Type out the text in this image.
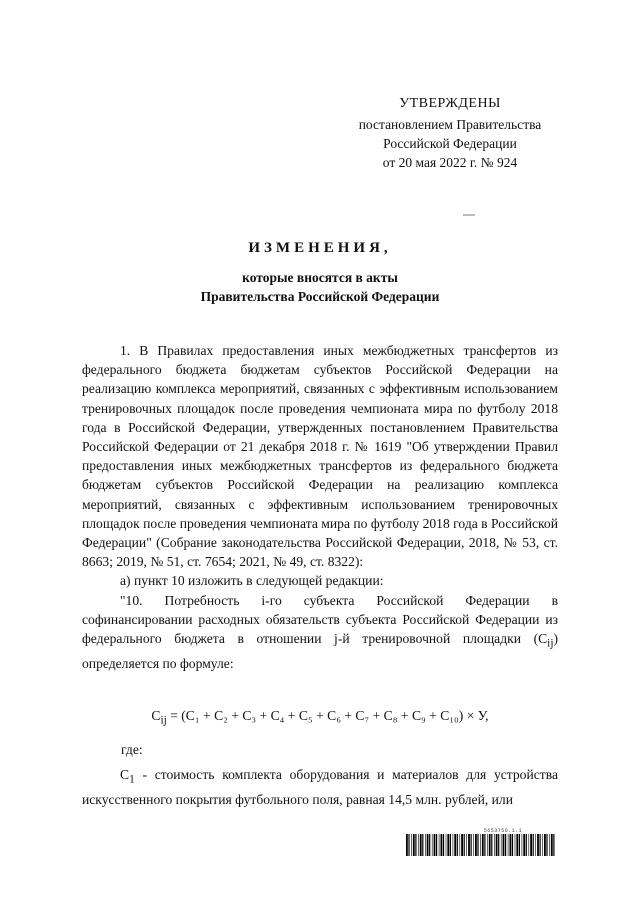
УТВЕРЖДЕНЫ
постановлением Правительства
Российской Федерации
от 20 мая 2022 г. № 924
ИЗМЕНЕНИЯ,
которые вносятся в акты
Правительства Российской Федерации

1. В Правилах предоставления иных межбюджетных трансфертов из федерального бюджета бюджетам субъектов Российской Федерации на реализацию комплекса мероприятий, связанных с эффективным использованием тренировочных площадок после проведения чемпионата мира по футболу 2018 года в Российской Федерации, утвержденных постановлением Правительства Российской Федерации от 21 декабря 2018 г. № 1619 "Об утверждении Правил предоставления иных межбюджетных трансфертов из федерального бюджета бюджетам субъектов Российской Федерации на реализацию комплекса мероприятий, связанных с эффективным использованием тренировочных площадок после проведения чемпионата мира по футболу 2018 года в Российской Федерации" (Собрание законодательства Российской Федерации, 2018, № 53, ст. 8663; 2019, № 51, ст. 7654; 2021, № 49, ст. 8322):

а) пункт 10 изложить в следующей редакции:

"10. Потребность i-го субъекта Российской Федерации в софинансировании расходных обязательств субъекта Российской Федерации из федерального бюджета в отношении j-й тренировочной площадки $(C_{ij})$ определяется по формуле:

$C_{ij} = (C_1 + C_2 + C_3 + C_4 + C_5 + C_6 + C_7 + C_8 + C_9 + C_{10}) \times У$,
где:

$C_1$ - стоимость комплекта оборудования и материалов для устройства искусственного покрытия футбольного поля, равная 14,5 млн. рублей, или

5653750.1.1
